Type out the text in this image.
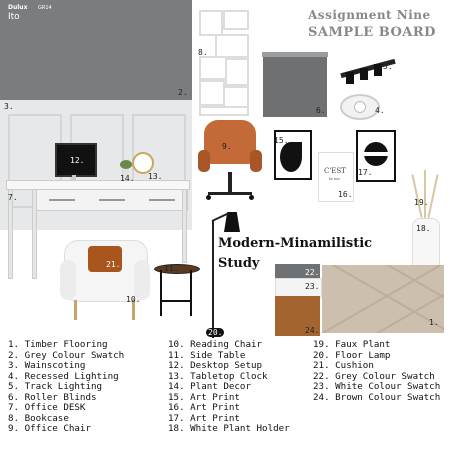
Dulux GR14
Ito
C'EST
la vie
Assignment Nine
SAMPLE BOARD
Modern-Minamilistic
Study
1.
2.
3.	4.
5.
6.
7.
8.
9.
10.
11.
12.
13.
14.
15.
16.
17.
18.
19.
20.
21.
22.
23.
24.
1. Timber Flooring
2. Grey Colour Swatch
3. Wainscoting
4. Recessed Lighting
5. Track Lighting
6. Roller Blinds
7. Office DESK
8. Bookcase
9. Office Chair
10. Reading Chair
11. Side Table
12. Desktop Setup
13. Tabletop Clock
14. Plant Decor
15. Art Print
16. Art Print
17. Art Print
18. White Plant Holder
19. Faux Plant
20. Floor Lamp
21. Cushion
22. Grey Colour Swatch
23. White Colour Swatch
24. Brown Colour Swatch
